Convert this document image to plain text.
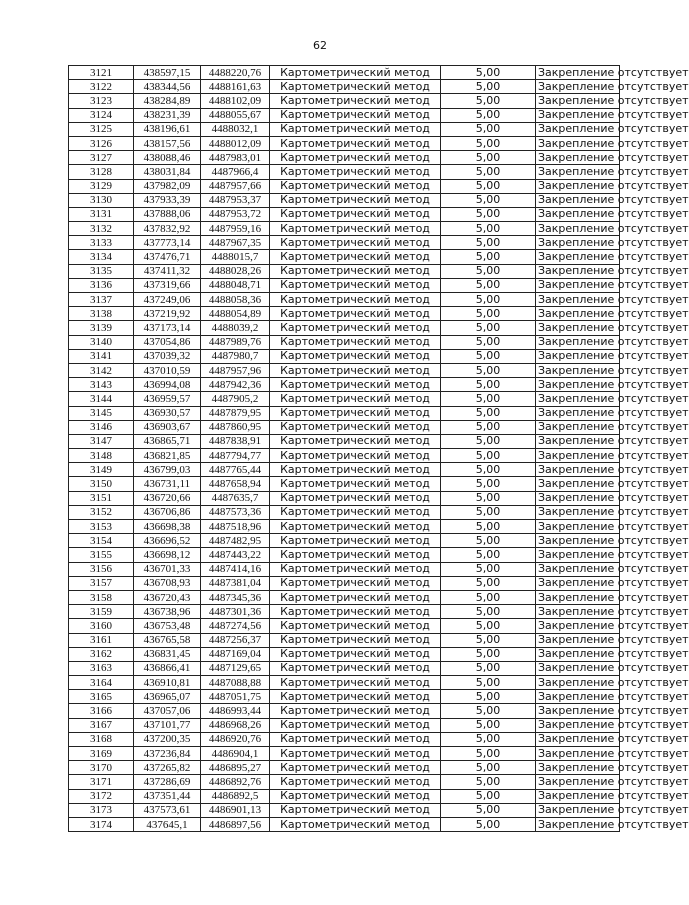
62
3121	438597,15	4488220,76	Картометрический метод	5,00	Закрепление отсутствует
3122	438344,56	4488161,63	Картометрический метод	5,00	Закрепление отсутствует
3123	438284,89	4488102,09	Картометрический метод	5,00	Закрепление отсутствует
3124	438231,39	4488055,67	Картометрический метод	5,00	Закрепление отсутствует
3125	438196,61	4488032,1	Картометрический метод	5,00	Закрепление отсутствует
3126	438157,56	4488012,09	Картометрический метод	5,00	Закрепление отсутствует
3127	438088,46	4487983,01	Картометрический метод	5,00	Закрепление отсутствует
3128	438031,84	4487966,4	Картометрический метод	5,00	Закрепление отсутствует
3129	437982,09	4487957,66	Картометрический метод	5,00	Закрепление отсутствует
3130	437933,39	4487953,37	Картометрический метод	5,00	Закрепление отсутствует
3131	437888,06	4487953,72	Картометрический метод	5,00	Закрепление отсутствует
3132	437832,92	4487959,16	Картометрический метод	5,00	Закрепление отсутствует
3133	437773,14	4487967,35	Картометрический метод	5,00	Закрепление отсутствует
3134	437476,71	4488015,7	Картометрический метод	5,00	Закрепление отсутствует
3135	437411,32	4488028,26	Картометрический метод	5,00	Закрепление отсутствует
3136	437319,66	4488048,71	Картометрический метод	5,00	Закрепление отсутствует
3137	437249,06	4488058,36	Картометрический метод	5,00	Закрепление отсутствует
3138	437219,92	4488054,89	Картометрический метод	5,00	Закрепление отсутствует
3139	437173,14	4488039,2	Картометрический метод	5,00	Закрепление отсутствует
3140	437054,86	4487989,76	Картометрический метод	5,00	Закрепление отсутствует
3141	437039,32	4487980,7	Картометрический метод	5,00	Закрепление отсутствует
3142	437010,59	4487957,96	Картометрический метод	5,00	Закрепление отсутствует
3143	436994,08	4487942,36	Картометрический метод	5,00	Закрепление отсутствует
3144	436959,57	4487905,2	Картометрический метод	5,00	Закрепление отсутствует
3145	436930,57	4487879,95	Картометрический метод	5,00	Закрепление отсутствует
3146	436903,67	4487860,95	Картометрический метод	5,00	Закрепление отсутствует
3147	436865,71	4487838,91	Картометрический метод	5,00	Закрепление отсутствует
3148	436821,85	4487794,77	Картометрический метод	5,00	Закрепление отсутствует
3149	436799,03	4487765,44	Картометрический метод	5,00	Закрепление отсутствует
3150	436731,11	4487658,94	Картометрический метод	5,00	Закрепление отсутствует
3151	436720,66	4487635,7	Картометрический метод	5,00	Закрепление отсутствует
3152	436706,86	4487573,36	Картометрический метод	5,00	Закрепление отсутствует
3153	436698,38	4487518,96	Картометрический метод	5,00	Закрепление отсутствует
3154	436696,52	4487482,95	Картометрический метод	5,00	Закрепление отсутствует
3155	436698,12	4487443,22	Картометрический метод	5,00	Закрепление отсутствует
3156	436701,33	4487414,16	Картометрический метод	5,00	Закрепление отсутствует
3157	436708,93	4487381,04	Картометрический метод	5,00	Закрепление отсутствует
3158	436720,43	4487345,36	Картометрический метод	5,00	Закрепление отсутствует
3159	436738,96	4487301,36	Картометрический метод	5,00	Закрепление отсутствует
3160	436753,48	4487274,56	Картометрический метод	5,00	Закрепление отсутствует
3161	436765,58	4487256,37	Картометрический метод	5,00	Закрепление отсутствует
3162	436831,45	4487169,04	Картометрический метод	5,00	Закрепление отсутствует
3163	436866,41	4487129,65	Картометрический метод	5,00	Закрепление отсутствует
3164	436910,81	4487088,88	Картометрический метод	5,00	Закрепление отсутствует
3165	436965,07	4487051,75	Картометрический метод	5,00	Закрепление отсутствует
3166	437057,06	4486993,44	Картометрический метод	5,00	Закрепление отсутствует
3167	437101,77	4486968,26	Картометрический метод	5,00	Закрепление отсутствует
3168	437200,35	4486920,76	Картометрический метод	5,00	Закрепление отсутствует
3169	437236,84	4486904,1	Картометрический метод	5,00	Закрепление отсутствует
3170	437265,82	4486895,27	Картометрический метод	5,00	Закрепление отсутствует
3171	437286,69	4486892,76	Картометрический метод	5,00	Закрепление отсутствует
3172	437351,44	4486892,5	Картометрический метод	5,00	Закрепление отсутствует
3173	437573,61	4486901,13	Картометрический метод	5,00	Закрепление отсутствует
3174	437645,1	4486897,56	Картометрический метод	5,00	Закрепление отсутствует
